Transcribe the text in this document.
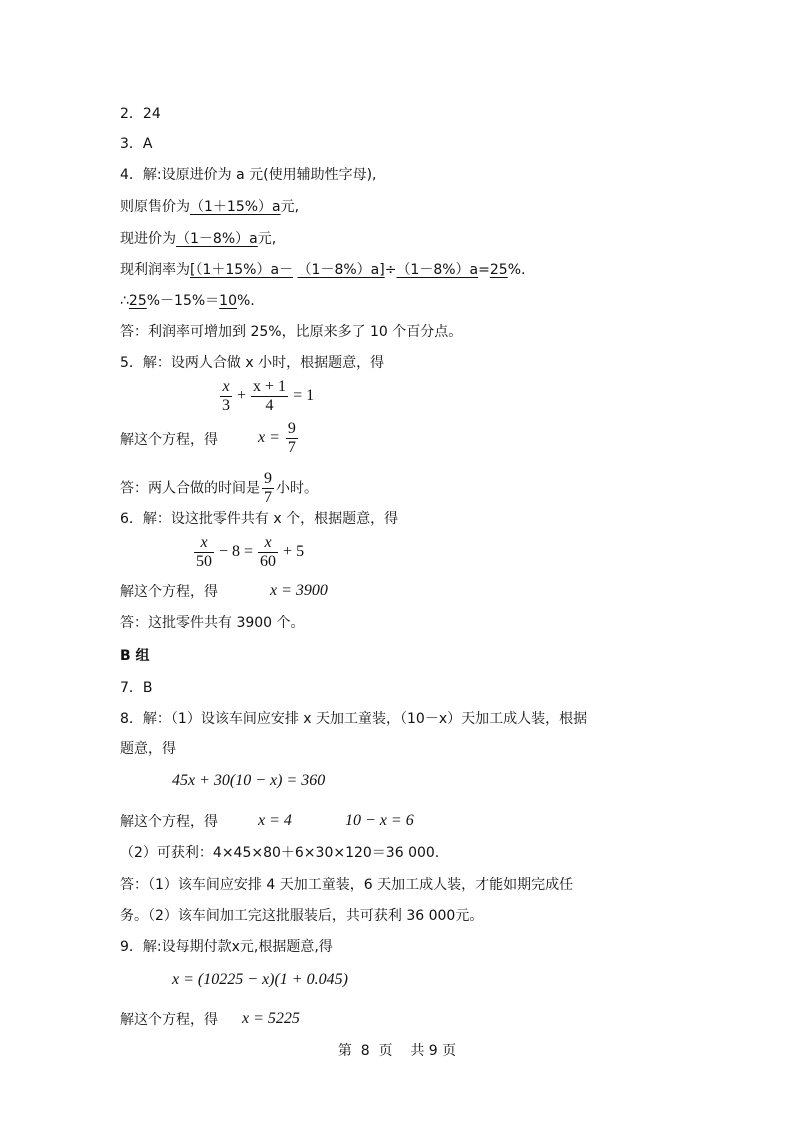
2．24
3．A
4．解:设原进价为 a 元(使用辅助性字母),
则原售价为（1＋15%）a元,
现进价为（1－8%）a元,
现利润率为[（1＋15%）a－ （1－8%）a]÷（1－8%）a=25%.
∴25%－15%＝10%.
答：利润率可增加到 25%，比原来多了 10 个百分点。
5．解：设两人合做 x 小时，根据题意，得
$\frac{x}{3} + \frac{x + 1}{4} = 1$
解这个方程，得	$x = \frac{9}{7}$
答：两人合做的时间是 $\frac{9}{7}$ 小时。
6．解：设这批零件共有 x 个，根据题意，得
$\frac{x}{50} - 8 = \frac{x}{60} + 5$
解这个方程，得	x = 3900
答：这批零件共有 3900 个。
B 组
7．B
8．解：（1）设该车间应安排 x 天加工童装，（10－x）天加工成人装，根据
题意，得
45x + 30(10 − x) = 360
解这个方程，得	x = 4	10 − x = 6
（2）可获利：4×45×80＋6×30×120＝36 000.
答：（1）该车间应安排 4 天加工童装，6 天加工成人装，才能如期完成任
务。（2）该车间加工完这批服装后，共可获利 36 000元。
9．解:设每期付款x元,根据题意,得
x = (10225 − x)(1 + 0.045)
解这个方程，得 x = 5225
第  8  页    共 9 页
